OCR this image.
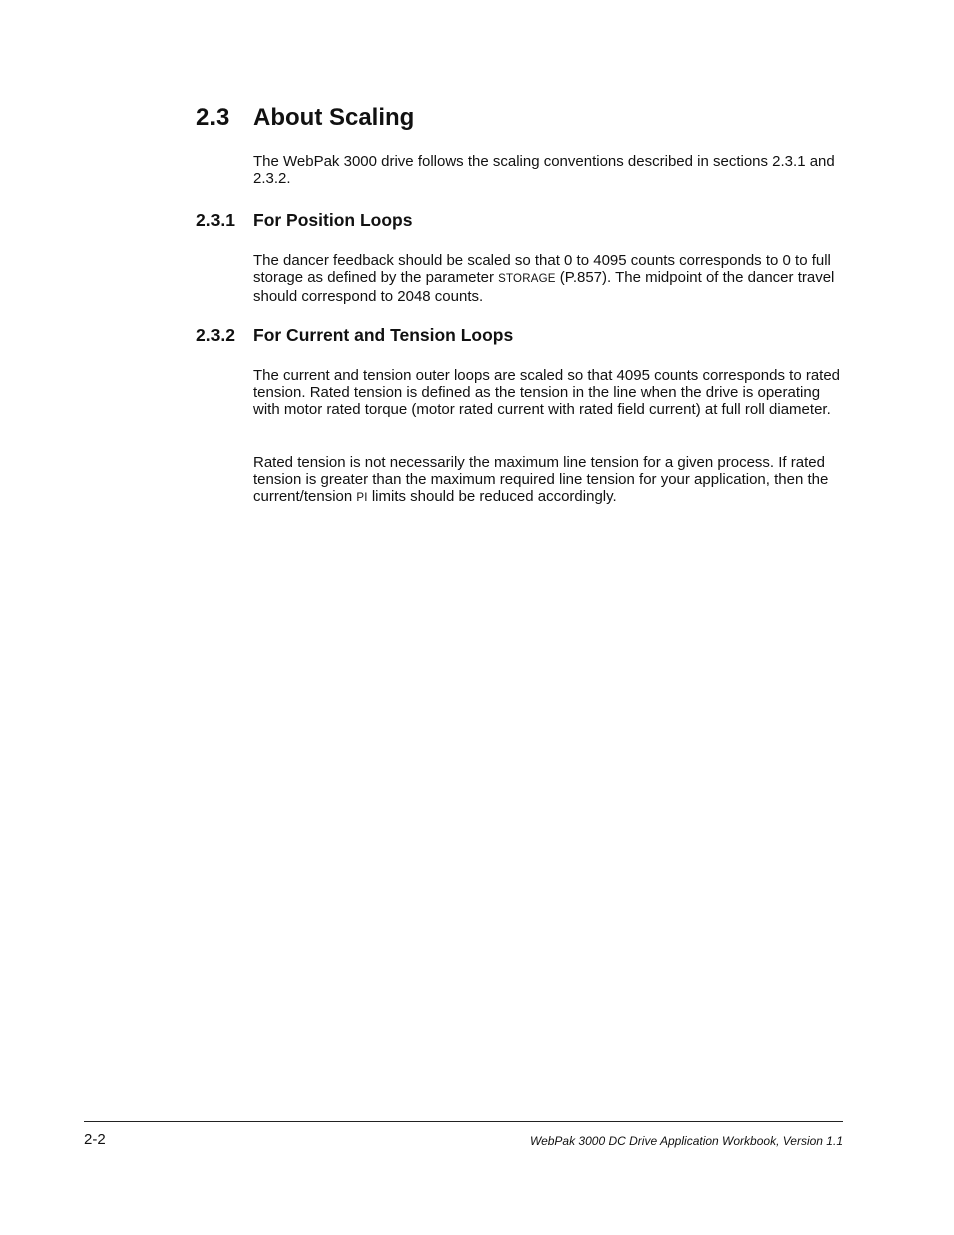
2.3 About Scaling
The WebPak 3000 drive follows the scaling conventions described in sections 2.3.1 and 2.3.2.
2.3.1 For Position Loops
The dancer feedback should be scaled so that 0 to 4095 counts corresponds to 0 to full storage as defined by the parameter STORAGE (P.857). The midpoint of the dancer travel should correspond to 2048 counts.
2.3.2 For Current and Tension Loops
The current and tension outer loops are scaled so that 4095 counts corresponds to rated tension. Rated tension is defined as the tension in the line when the drive is operating with motor rated torque (motor rated current with rated field current) at full roll diameter.
Rated tension is not necessarily the maximum line tension for a given process. If rated tension is greater than the maximum required line tension for your application, then the current/tension PI limits should be reduced accordingly.
2-2	WebPak 3000 DC Drive Application Workbook, Version 1.1
